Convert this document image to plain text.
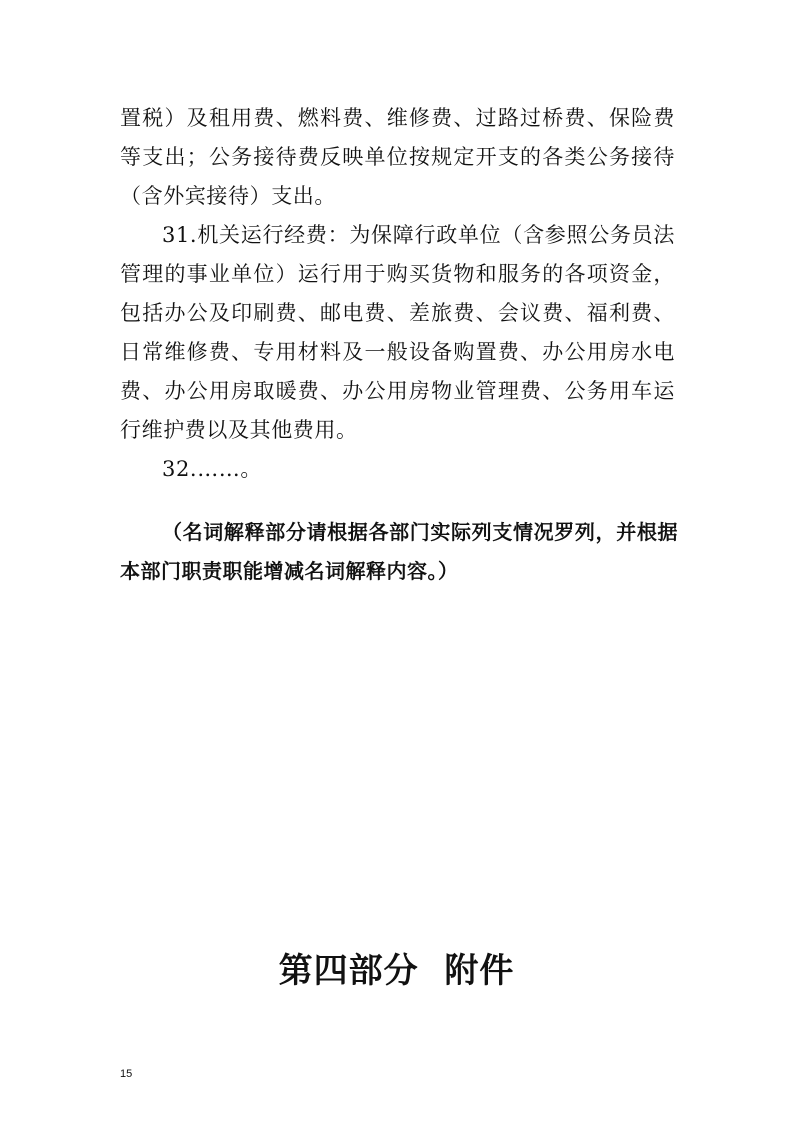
置税）及租用费、燃料费、维修费、过路过桥费、保险费等支出；公务接待费反映单位按规定开支的各类公务接待（含外宾接待）支出。

31.机关运行经费：为保障行政单位（含参照公务员法管理的事业单位）运行用于购买货物和服务的各项资金，包括办公及印刷费、邮电费、差旅费、会议费、福利费、日常维修费、专用材料及一般设备购置费、办公用房水电费、办公用房取暖费、办公用房物业管理费、公务用车运行维护费以及其他费用。

32.……。

（名词解释部分请根据各部门实际列支情况罗列，并根据本部门职责职能增减名词解释内容。）

第四部分  附件
15
